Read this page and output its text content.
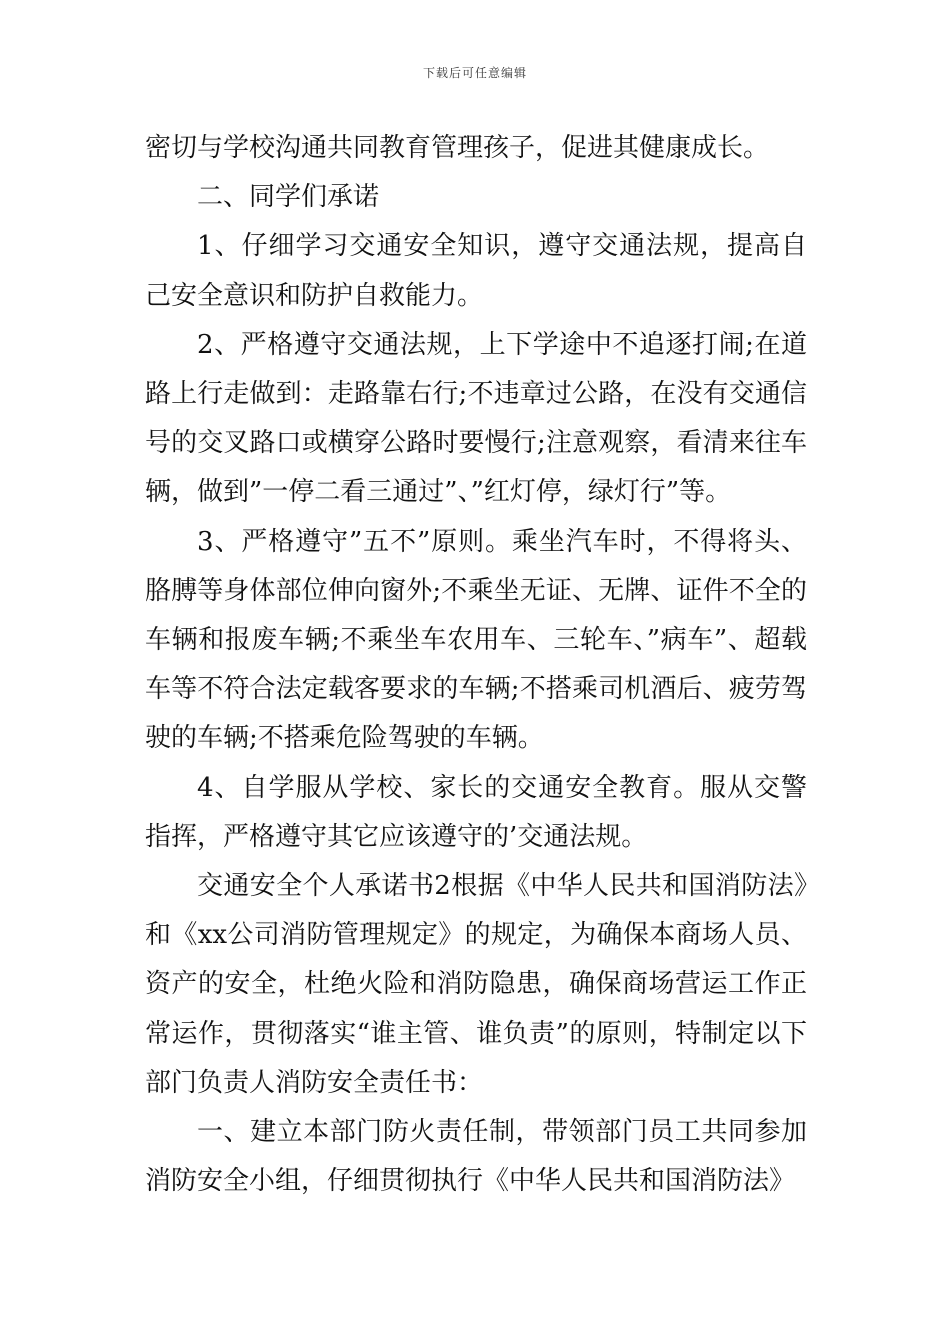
下载后可任意编辑

密切与学校沟通共同教育管理孩子，促进其健康成长。

二、同学们承诺

1、仔细学习交通安全知识，遵守交通法规，提高自己安全意识和防护自救能力。

2、严格遵守交通法规，上下学途中不追逐打闹;在道路上行走做到：走路靠右行;不违章过公路，在没有交通信号的交叉路口或横穿公路时要慢行;注意观察，看清来往车辆，做到”一停二看三通过”、”红灯停，绿灯行”等。

3、严格遵守”五不”原则。乘坐汽车时，不得将头、胳膊等身体部位伸向窗外;不乘坐无证、无牌、证件不全的车辆和报废车辆;不乘坐车农用车、三轮车、”病车”、超载车等不符合法定载客要求的车辆;不搭乘司机酒后、疲劳驾驶的车辆;不搭乘危险驾驶的车辆。

4、自学服从学校、家长的交通安全教育。服从交警指挥，严格遵守其它应该遵守的’交通法规。

交通安全个人承诺书2根据《中华人民共和国消防法》和《xx公司消防管理规定》的规定，为确保本商场人员、资产的安全，杜绝火险和消防隐患，确保商场营运工作正常运作，贯彻落实“谁主管、谁负责”的原则，特制定以下部门负责人消防安全责任书：

一、建立本部门防火责任制，带领部门员工共同参加消防安全小组，仔细贯彻执行《中华人民共和国消防法》
